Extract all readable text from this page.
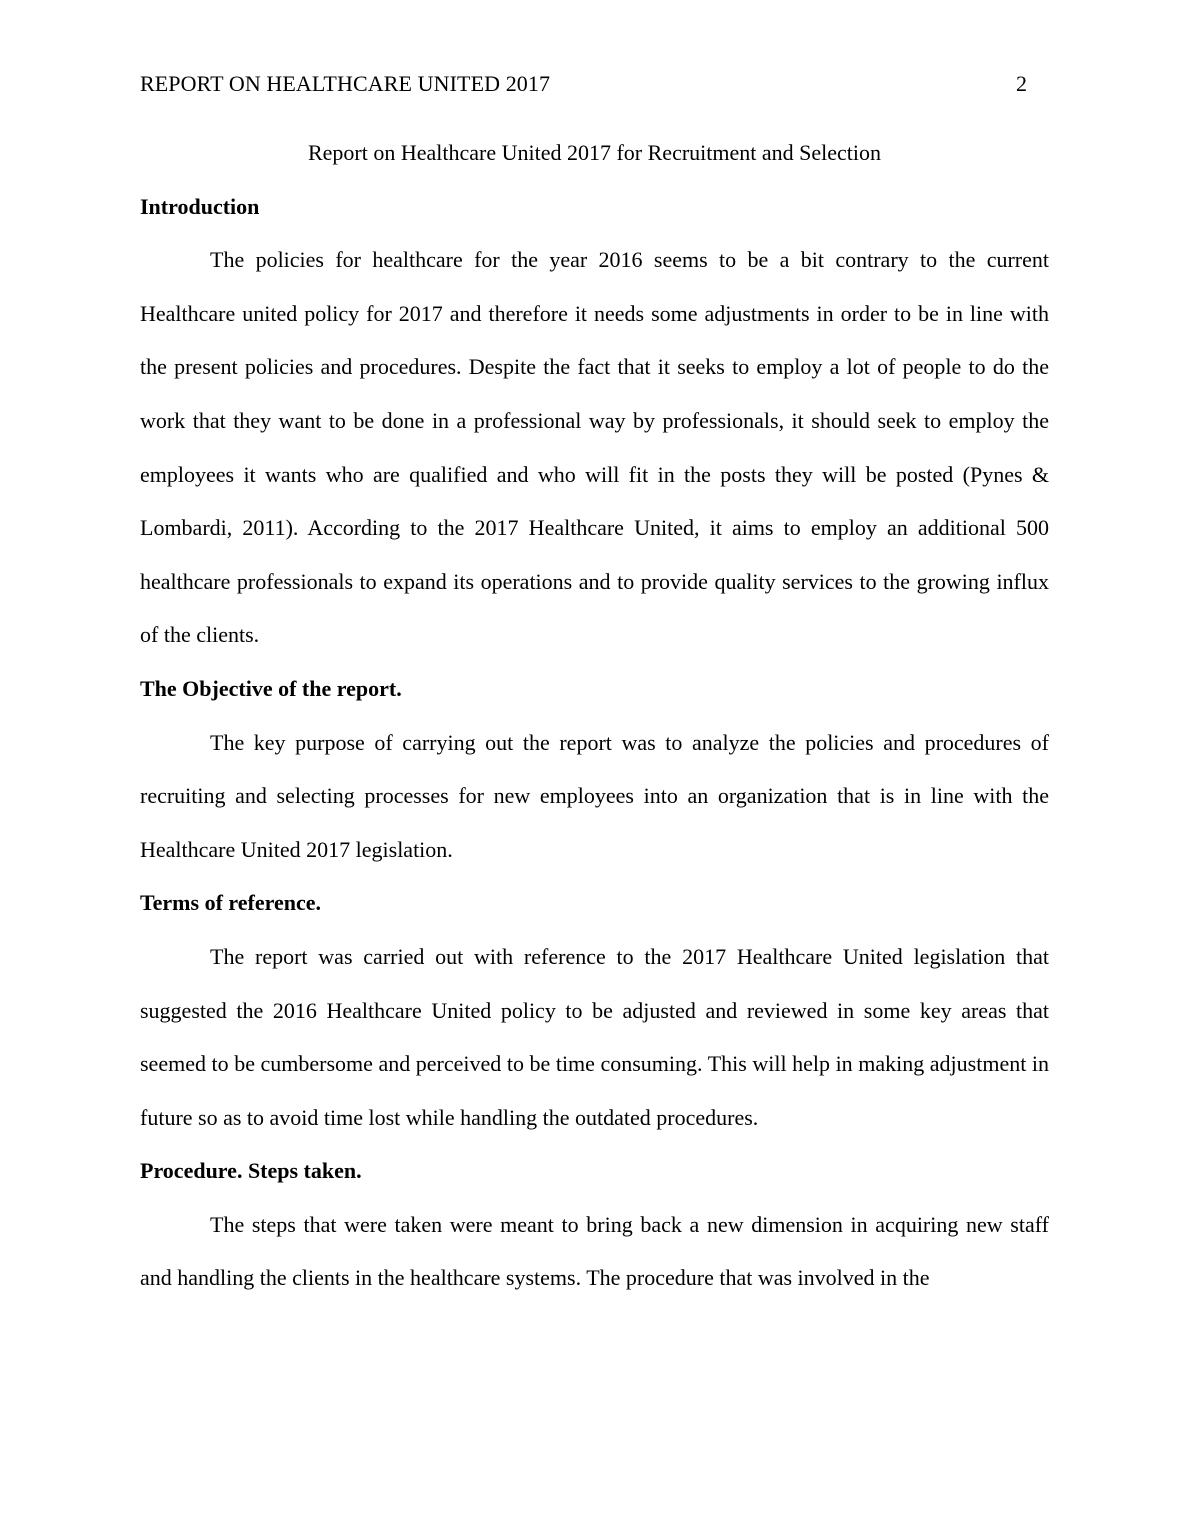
REPORT ON HEALTHCARE UNITED 2017	2

Report on Healthcare United 2017 for Recruitment and Selection

Introduction

The policies for healthcare for the year 2016 seems to be a bit contrary to the current Healthcare united policy for 2017 and therefore it needs some adjustments in order to be in line with the present policies and procedures. Despite the fact that it seeks to employ a lot of people to do the work that they want to be done in a professional way by professionals, it should seek to employ the employees it wants who are qualified and who will fit in the posts they will be posted (Pynes & Lombardi, 2011). According to the 2017 Healthcare United, it aims to employ an additional 500 healthcare professionals to expand its operations and to provide quality services to the growing influx of the clients.

The Objective of the report.

The key purpose of carrying out the report was to analyze the policies and procedures of recruiting and selecting processes for new employees into an organization that is in line with the Healthcare United 2017 legislation.

Terms of reference.

The report was carried out with reference to the 2017 Healthcare United legislation that suggested the 2016 Healthcare United policy to be adjusted and reviewed in some key areas that seemed to be cumbersome and perceived to be time consuming. This will help in making adjustment in future so as to avoid time lost while handling the outdated procedures.

Procedure. Steps taken.

The steps that were taken were meant to bring back a new dimension in acquiring new staff and handling the clients in the healthcare systems. The procedure that was involved in the
